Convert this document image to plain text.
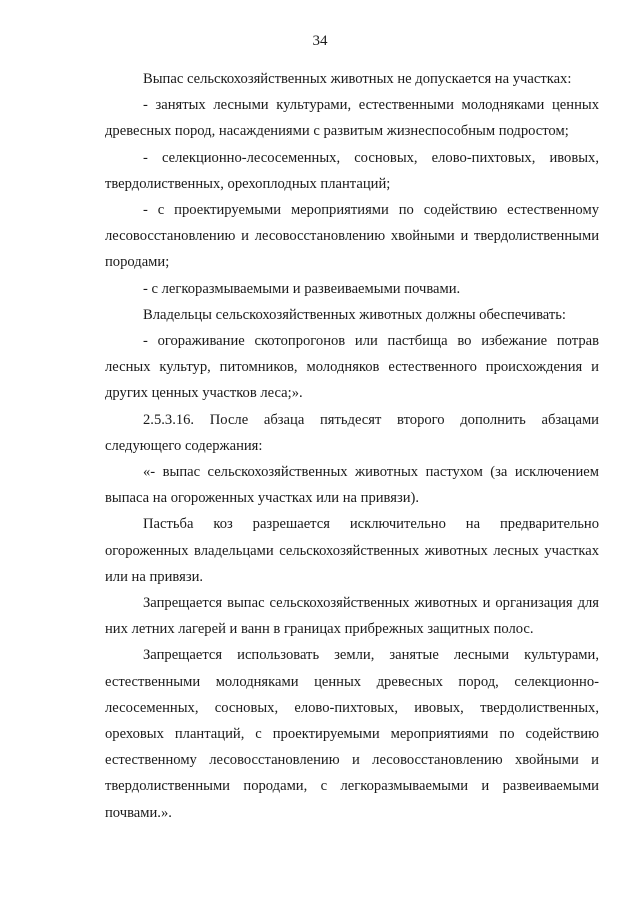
34

Выпас сельскохозяйственных животных не допускается на участках:

- занятых лесными культурами, естественными молодняками ценных древесных пород, насаждениями с развитым жизнеспособным подростом;

- селекционно-лесосеменных, сосновых, елово-пихтовых, ивовых, твердолиственных, орехоплодных плантаций;

- с проектируемыми мероприятиями по содействию естественному лесовосстановлению и лесовосстановлению хвойными и твердолиственными породами;

- с легкоразмываемыми и развеиваемыми почвами.

Владельцы сельскохозяйственных животных должны обеспечивать:

- огораживание скотопрогонов или пастбища во избежание потрав лесных культур, питомников, молодняков естественного происхождения и других ценных участков леса;».

2.5.3.16. После абзаца пятьдесят второго дополнить абзацами следующего содержания:

«- выпас сельскохозяйственных животных пастухом (за исключением выпаса на огороженных участках или на привязи).

Пастьба коз разрешается исключительно на предварительно огороженных владельцами сельскохозяйственных животных лесных участках или на привязи.

Запрещается выпас сельскохозяйственных животных и организация для них летних лагерей и ванн в границах прибрежных защитных полос.

Запрещается использовать земли, занятые лесными культурами, естественными молодняками ценных древесных пород, селекционно-лесосеменных, сосновых, елово-пихтовых, ивовых, твердолиственных, ореховых плантаций, с проектируемыми мероприятиями по содействию естественному лесовосстановлению и лесовосстановлению хвойными и твердолиственными породами, с легкоразмываемыми и развеиваемыми почвами.».
